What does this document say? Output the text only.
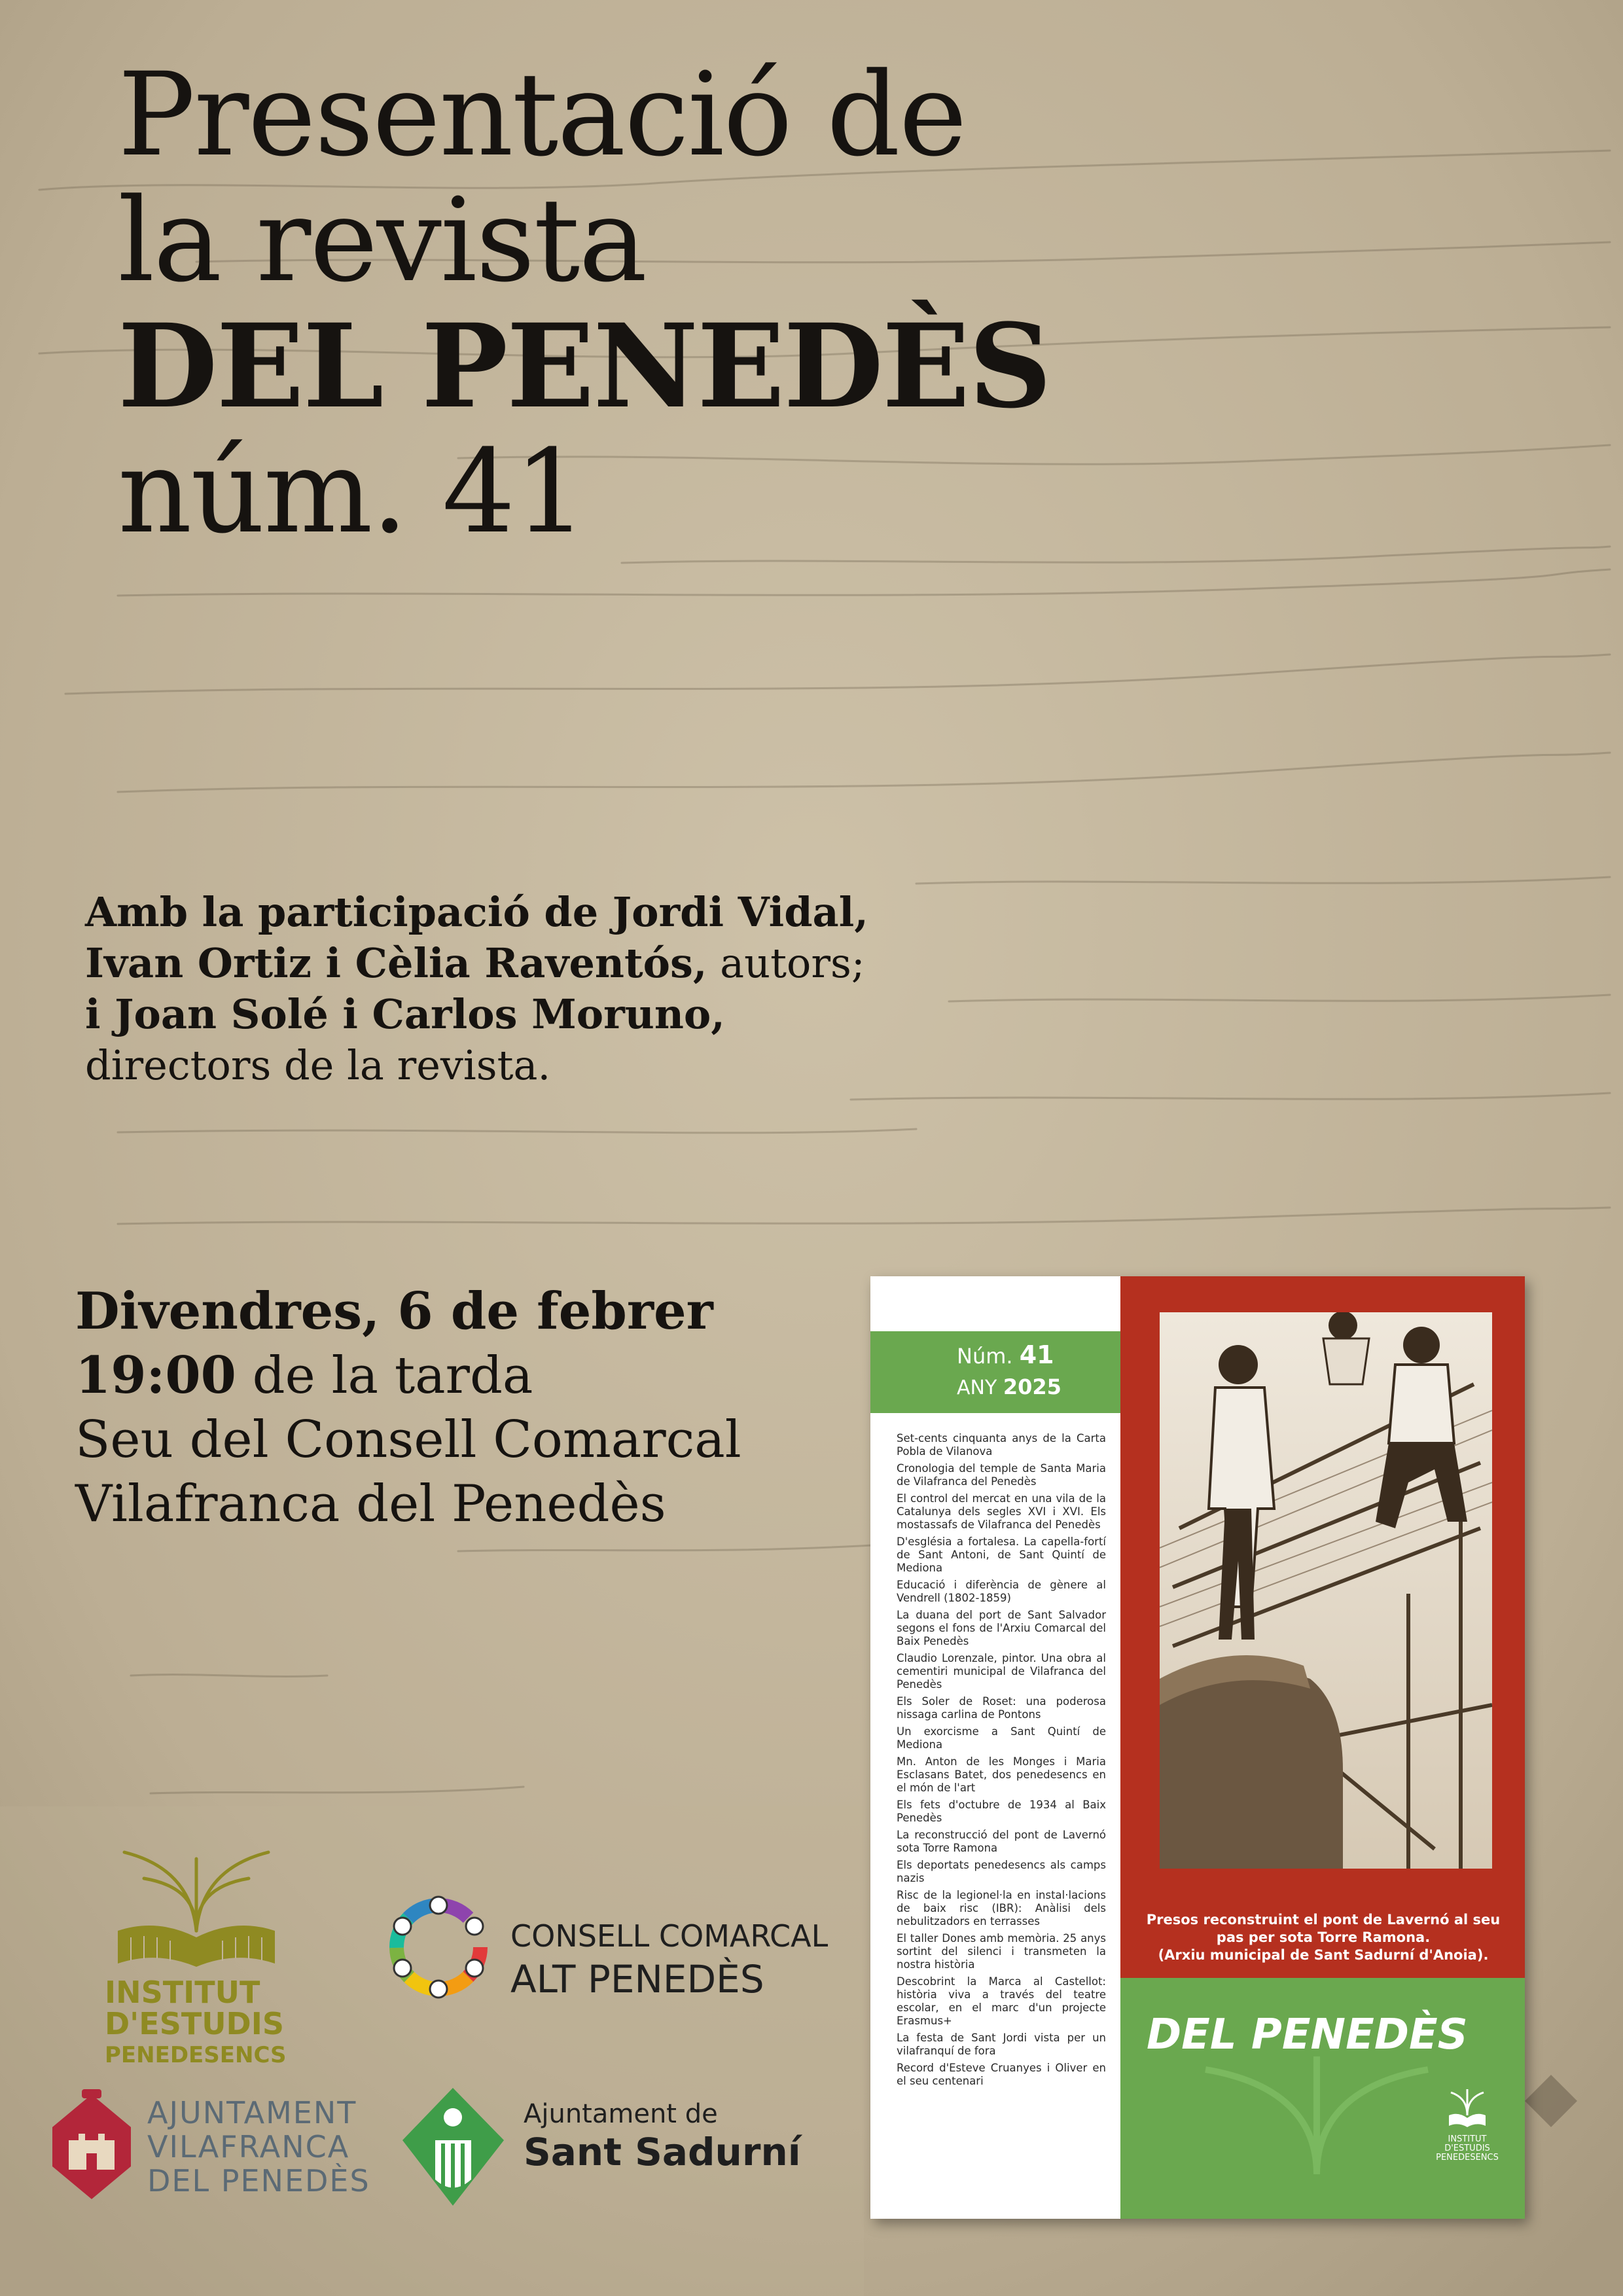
Presentació de
la revista
DEL PENEDÈS
núm. 41
Amb la participació de Jordi Vidal,
Ivan Ortiz i Cèlia Raventós, autors;
i Joan Solé i Carlos Moruno,
directors de la revista.
Divendres, 6 de febrer
19:00 de la tarda
Seu del Consell Comarcal
Vilafranca del Penedès
INSTITUT
D'ESTUDIS
PENEDESENCS
CONSELL COMARCAL
ALT PENEDÈS
AJUNTAMENT
VILAFRANCA
DEL PENEDÈS
Ajuntament de
Sant Sadurní
Núm. 41
ANY 2025
Set-cents cinquanta anys de la Carta Pobla de Vilanova
Cronologia del temple de Santa Maria de Vilafranca del Penedès
El control del mercat en una vila de la Catalunya dels segles XVI i XVI. Els mostassafs de Vilafranca del Penedès
D'església a fortalesa. La capella-fortí de Sant Antoni, de Sant Quintí de Mediona
Educació i diferència de gènere al Vendrell (1802-1859)
La duana del port de Sant Salvador segons el fons de l'Arxiu Comarcal del Baix Penedès
Claudio Lorenzale, pintor. Una obra al cementiri municipal de Vilafranca del Penedès
Els Soler de Roset: una poderosa nissaga carlina de Pontons
Un exorcisme a Sant Quintí de Mediona
Mn. Anton de les Monges i Maria Esclasans Batet, dos penedesencs en el món de l'art
Els fets d'octubre de 1934 al Baix Penedès
La reconstrucció del pont de Lavernó sota Torre Ramona
Els deportats penedesencs als camps nazis
Risc de la legionel·la en instal·lacions de baix risc (IBR): Anàlisi dels nebulitzadors en terrasses
El taller Dones amb memòria. 25 anys sortint del silenci i transmeten la nostra història
Descobrint la Marca al Castellot: història viva a través del teatre escolar, en el marc d'un projecte Erasmus+
La festa de Sant Jordi vista per un vilafranquí de fora
Record d'Esteve Cruanyes i Oliver en el seu centenari
Presos reconstruint el pont de Lavernó al seu
pas per sota Torre Ramona.
(Arxiu municipal de Sant Sadurní d'Anoia).
DEL PENEDÈS
INSTITUT
D'ESTUDIS
PENEDESENCS
